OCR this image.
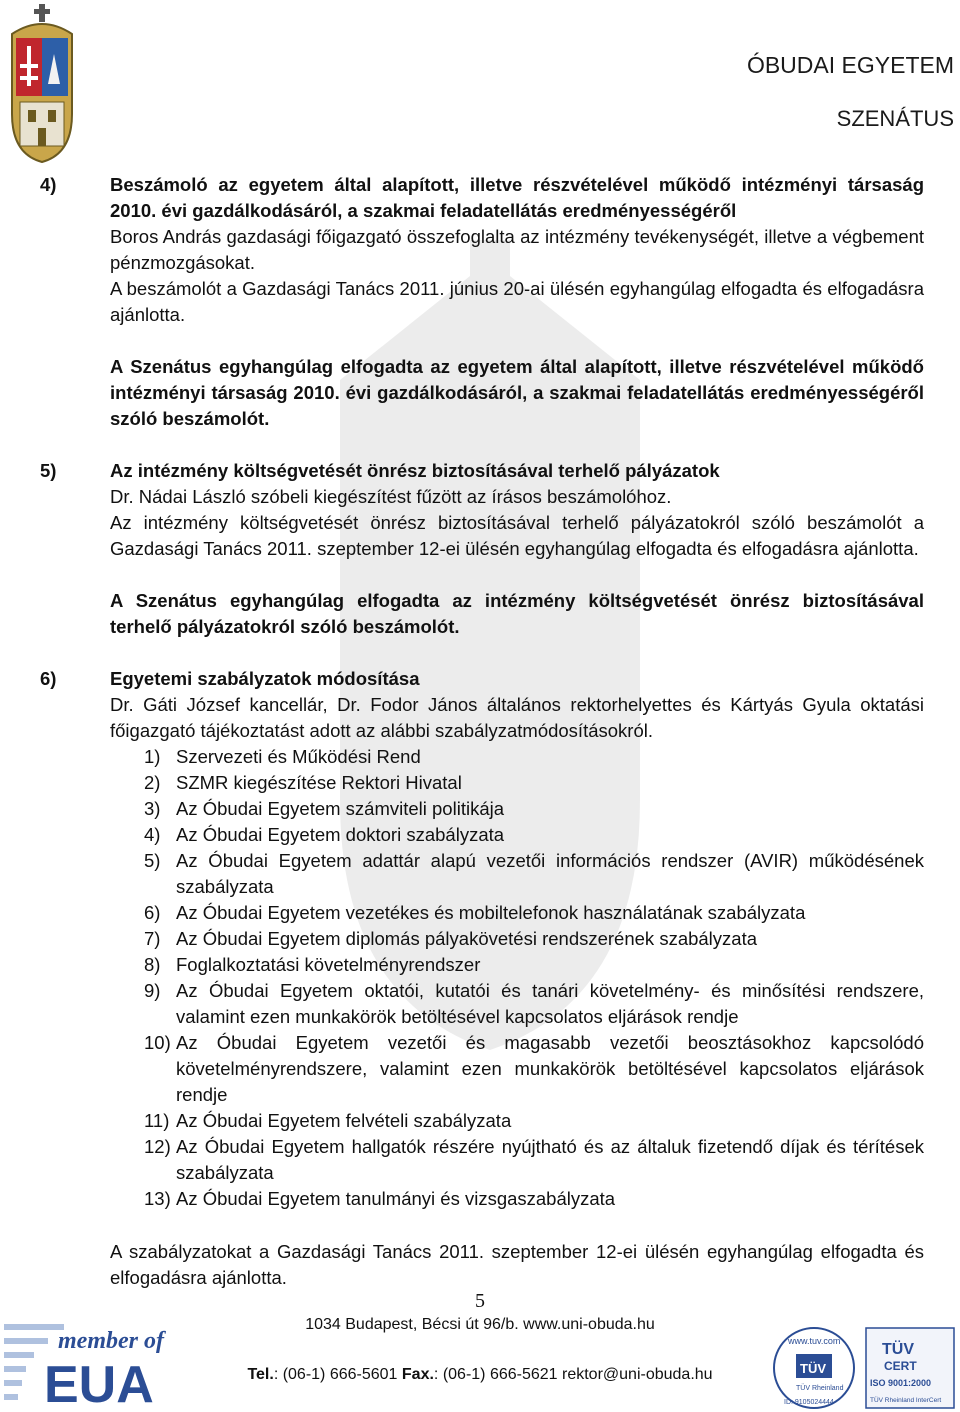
ÓBUDAI EGYETEM
SZENÁTUS
4)	Beszámoló az egyetem által alapított, illetve részvételével működő intézményi társaság 2010. évi gazdálkodásáról, a szakmai feladatellátás eredményességéről
Boros András gazdasági főigazgató összefoglalta az intézmény tevékenységét, illetve a végbement pénzmozgásokat.
A beszámolót a Gazdasági Tanács 2011. június 20-ai ülésén egyhangúlag elfogadta és elfogadásra ajánlotta.
A Szenátus egyhangúlag elfogadta az egyetem által alapított, illetve részvételével működő intézményi társaság 2010. évi gazdálkodásáról, a szakmai feladatellátás eredményességéről szóló beszámolót.
5)	Az intézmény költségvetését önrész biztosításával terhelő pályázatok
Dr. Nádai László szóbeli kiegészítést fűzött az írásos beszámolóhoz.
Az intézmény költségvetését önrész biztosításával terhelő pályázatokról szóló beszámolót a Gazdasági Tanács 2011. szeptember 12-ei ülésén egyhangúlag elfogadta és elfogadásra ajánlotta.
A Szenátus egyhangúlag elfogadta az intézmény költségvetését önrész biztosításával terhelő pályázatokról szóló beszámolót.
6)	Egyetemi szabályzatok módosítása
Dr. Gáti József kancellár, Dr. Fodor János általános rektorhelyettes és Kártyás Gyula oktatási főigazgató tájékoztatást adott az alábbi szabályzatmódosításokról.
1) Szervezeti és Működési Rend
2) SZMR kiegészítése Rektori Hivatal
3) Az Óbudai Egyetem számviteli politikája
4) Az Óbudai Egyetem doktori szabályzata
5) Az Óbudai Egyetem adattár alapú vezetői információs rendszer (AVIR) működésének szabályzata
6) Az Óbudai Egyetem vezetékes és mobiltelefonok használatának szabályzata
7) Az Óbudai Egyetem diplomás pályakövetési rendszerének szabályzata
8) Foglalkoztatási követelményrendszer
9) Az Óbudai Egyetem oktatói, kutatói és tanári követelmény- és minősítési rendszere, valamint ezen munkakörök betöltésével kapcsolatos eljárások rendje
10) Az Óbudai Egyetem vezetői és magasabb vezetői beosztásokhoz kapcsolódó követelményrendszere, valamint ezen munkakörök betöltésével kapcsolatos eljárások rendje
11) Az Óbudai Egyetem felvételi szabályzata
12) Az Óbudai Egyetem hallgatók részére nyújtható és az általuk fizetendő díjak és térítések szabályzata
13) Az Óbudai Egyetem tanulmányi és vizsgaszabályzata
A szabályzatokat a Gazdasági Tanács 2011. szeptember 12-ei ülésén egyhangúlag elfogadta és elfogadásra ajánlotta.
5
1034 Budapest, Bécsi út 96/b. www.uni-obuda.hu
Tel.: (06-1) 666-5601 Fax.: (06-1) 666-5621 rektor@uni-obuda.hu
member of
EUA
www.tuv.com
TÜV
TÜV Rheinland
ID: 9105024444
TÜV
CERT
ISO 9001:2000
TÜV Rheinland InterCert
